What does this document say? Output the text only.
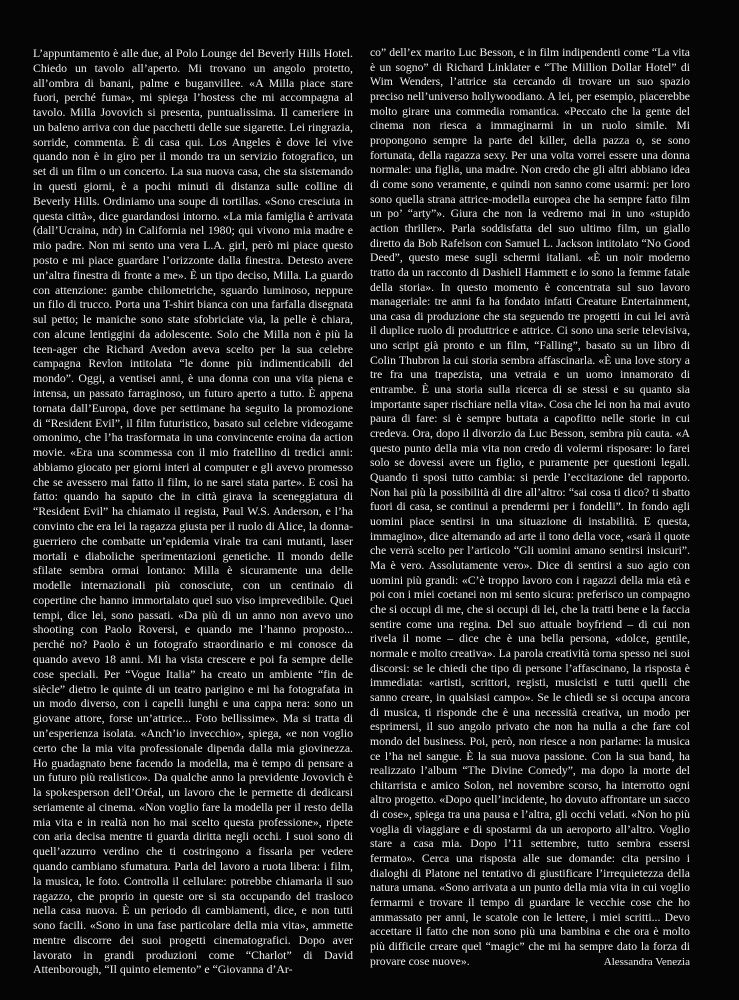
L’appuntamento è alle due, al Polo Lounge del Beverly Hills Hotel. Chiedo un tavolo all’aperto. Mi trovano un angolo protetto, all’ombra di banani, palme e buganvillee. «A Milla piace stare fuori, perché fuma», mi spiega l’hostess che mi accompagna al tavolo. Milla Jovovich si presenta, puntualissima. Il cameriere in un baleno arriva con due pacchetti delle sue sigarette. Lei ringrazia, sorride, commenta. È di casa qui. Los Angeles è dove lei vive quando non è in giro per il mondo tra un servizio fotografico, un set di un film o un concerto. La sua nuova casa, che sta sistemando in questi giorni, è a pochi minuti di distanza sulle colline di Beverly Hills. Ordiniamo una soupe di tortillas. «Sono cresciuta in questa città», dice guardandosi intorno. «La mia famiglia è arrivata (dall’Ucraina, ndr) in California nel 1980; qui vivono mia madre e mio padre. Non mi sento una vera L.A. girl, però mi piace questo posto e mi piace guardare l’orizzonte dalla finestra. Detesto avere un’altra finestra di fronte a me». È un tipo deciso, Milla. La guardo con attenzione: gambe chilometriche, sguardo luminoso, neppure un filo di trucco. Porta una T-shirt bianca con una farfalla disegnata sul petto; le maniche sono state sfobriciate via, la pelle è chiara, con alcune lentiggini da adolescente. Solo che Milla non è più la teen-ager che Richard Avedon aveva scelto per la sua celebre campagna Revlon intitolata “le donne più indimenticabili del mondo”. Oggi, a ventisei anni, è una donna con una vita piena e intensa, un passato farraginoso, un futuro aperto a tutto. È appena tornata dall’Europa, dove per settimane ha seguito la promozione di “Resident Evil”, il film futuristico, basato sul celebre videogame omonimo, che l’ha trasformata in una convincente eroina da action movie. «Era una scommessa con il mio fratellino di tredici anni: abbiamo giocato per giorni interi al computer e gli avevo promesso che se avessero mai fatto il film, io ne sarei stata parte». E così ha fatto: quando ha saputo che in città girava la sceneggiatura di “Resident Evil” ha chiamato il regista, Paul W.S. Anderson, e l’ha convinto che era lei la ragazza giusta per il ruolo di Alice, la donna-guerriero che combatte un’epidemia virale tra cani mutanti, laser mortali e diaboliche sperimentazioni genetiche. Il mondo delle sfilate sembra ormai lontano: Milla è sicuramente una delle modelle internazionali più conosciute, con un centinaio di copertine che hanno immortalato quel suo viso imprevedibile. Quei tempi, dice lei, sono passati. «Da più di un anno non avevo uno shooting con Paolo Roversi, e quando me l’hanno proposto... perché no? Paolo è un fotografo straordinario e mi conosce da quando avevo 18 anni. Mi ha vista crescere e poi fa sempre delle cose speciali. Per “Vogue Italia” ha creato un ambiente “fin de siècle” dietro le quinte di un teatro parigino e mi ha fotografata in un modo diverso, con i capelli lunghi e una cappa nera: sono un giovane attore, forse un’attrice... Foto bellissime». Ma si tratta di un’esperienza isolata. «Anch’io invecchio», spiega, «e non voglio certo che la mia vita professionale dipenda dalla mia giovinezza. Ho guadagnato bene facendo la modella, ma è tempo di pensare a un futuro più realistico». Da qualche anno la previdente Jovovich è la spokesperson dell’Oréal, un lavoro che le permette di dedicarsi seriamente al cinema. «Non voglio fare la modella per il resto della mia vita e in realtà non ho mai scelto questa professione», ripete con aria decisa mentre ti guarda diritta negli occhi. I suoi sono di quell’azzurro verdino che ti costringono a fissarla per vedere quando cambiano sfumatura. Parla del lavoro a ruota libera: i film, la musica, le foto. Controlla il cellulare: potrebbe chiamarla il suo ragazzo, che proprio in queste ore si sta occupando del trasloco nella casa nuova. È un periodo di cambiamenti, dice, e non tutti sono facili. «Sono in una fase particolare della mia vita», ammette mentre discorre dei suoi progetti cinematografici. Dopo aver lavorato in grandi produzioni come “Charlot” di David Attenborough, “Il quinto elemento” e “Giovanna d’Ar-

co” dell’ex marito Luc Besson, e in film indipendenti come “La vita è un sogno” di Richard Linklater e “The Million Dollar Hotel” di Wim Wenders, l’attrice sta cercando di trovare un suo spazio preciso nell’universo hollywoodiano. A lei, per esempio, piacerebbe molto girare una commedia romantica. «Peccato che la gente del cinema non riesca a immaginarmi in un ruolo simile. Mi propongono sempre la parte del killer, della pazza o, se sono fortunata, della ragazza sexy. Per una volta vorrei essere una donna normale: una figlia, una madre. Non credo che gli altri abbiano idea di come sono veramente, e quindi non sanno come usarmi: per loro sono quella strana attrice-modella europea che ha sempre fatto film un po’ “arty”». Giura che non la vedremo mai in uno «stupido action thriller». Parla soddisfatta del suo ultimo film, un giallo diretto da Bob Rafelson con Samuel L. Jackson intitolato “No Good Deed”, questo mese sugli schermi italiani. «È un noir moderno tratto da un racconto di Dashiell Hammett e io sono la femme fatale della storia». In questo momento è concentrata sul suo lavoro manageriale: tre anni fa ha fondato infatti Creature Entertainment, una casa di produzione che sta seguendo tre progetti in cui lei avrà il duplice ruolo di produttrice e attrice. Ci sono una serie televisiva, uno script già pronto e un film, “Falling”, basato su un libro di Colin Thubron la cui storia sembra affascinarla. «È una love story a tre fra una trapezista, una vetraia e un uomo innamorato di entrambe. È una storia sulla ricerca di se stessi e su quanto sia importante saper rischiare nella vita». Cosa che lei non ha mai avuto paura di fare: si è sempre buttata a capofitto nelle storie in cui credeva. Ora, dopo il divorzio da Luc Besson, sembra più cauta. «A questo punto della mia vita non credo di volermi risposare: lo farei solo se dovessi avere un figlio, e puramente per questioni legali. Quando ti sposi tutto cambia: si perde l’eccitazione del rapporto. Non hai più la possibilità di dire all’altro: “sai cosa ti dico? ti sbatto fuori di casa, se continui a prendermi per i fondelli”. In fondo agli uomini piace sentirsi in una situazione di instabilità. E questa, immagino», dice alternando ad arte il tono della voce, «sarà il quote che verrà scelto per l’articolo “Gli uomini amano sentirsi insicuri”. Ma è vero. Assolutamente vero». Dice di sentirsi a suo agio con uomini più grandi: «C’è troppo lavoro con i ragazzi della mia età e poi con i miei coetanei non mi sento sicura: preferisco un compagno che si occupi di me, che si occupi di lei, che la tratti bene e la faccia sentire come una regina. Del suo attuale boyfriend – di cui non rivela il nome – dice che è una bella persona, «dolce, gentile, normale e molto creativa». La parola creatività torna spesso nei suoi discorsi: se le chiedi che tipo di persone l’affascinano, la risposta è immediata: «artisti, scrittori, registi, musicisti e tutti quelli che sanno creare, in qualsiasi campo». Se le chiedi se si occupa ancora di musica, ti risponde che è una necessità creativa, un modo per esprimersi, il suo angolo privato che non ha nulla a che fare col mondo del business. Poi, però, non riesce a non parlarne: la musica ce l’ha nel sangue. È la sua nuova passione. Con la sua band, ha realizzato l’album “The Divine Comedy”, ma dopo la morte del chitarrista e amico Solon, nel novembre scorso, ha interrotto ogni altro progetto. «Dopo quell’incidente, ho dovuto affrontare un sacco di cose», spiega tra una pausa e l’altra, gli occhi velati. «Non ho più voglia di viaggiare e di spostarmi da un aeroporto all’altro. Voglio stare a casa mia. Dopo l’11 settembre, tutto sembra essersi fermato». Cerca una risposta alle sue domande: cita persino i dialoghi di Platone nel tentativo di giustificare l’irrequietezza della natura umana. «Sono arrivata a un punto della mia vita in cui voglio fermarmi e trovare il tempo di guardare le vecchie cose che ho ammassato per anni, le scatole con le lettere, i miei scritti... Devo accettare il fatto che non sono più una bambina e che ora è molto più difficile creare quel “magic” che mi ha sempre dato la forza di provare cose nuove».	Alessandra Venezia
